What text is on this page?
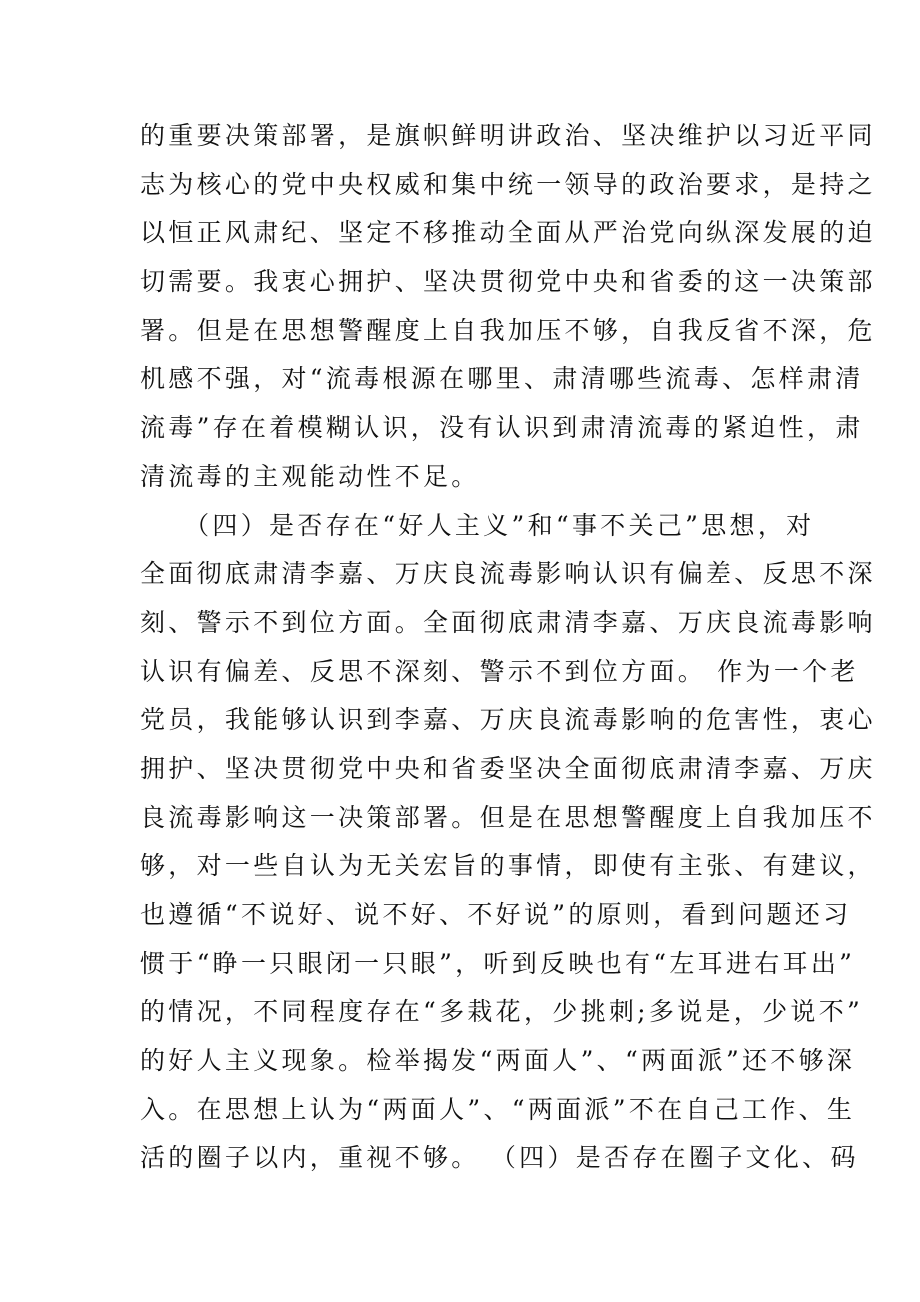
的重要决策部署，是旗帜鲜明讲政治、坚决维护以习近平同
志为核心的党中央权威和集中统一领导的政治要求，是持之
以恒正风肃纪、坚定不移推动全面从严治党向纵深发展的迫
切需要。我衷心拥护、坚决贯彻党中央和省委的这一决策部
署。但是在思想警醒度上自我加压不够，自我反省不深，危
机感不强，对“流毒根源在哪里、肃清哪些流毒、怎样肃清
流毒”存在着模糊认识，没有认识到肃清流毒的紧迫性，肃
清流毒的主观能动性不足。
　　（四）是否存在“好人主义”和“事不关己”思想，对
全面彻底肃清李嘉、万庆良流毒影响认识有偏差、反思不深
刻、警示不到位方面。全面彻底肃清李嘉、万庆良流毒影响
认识有偏差、反思不深刻、警示不到位方面。 作为一个老
党员，我能够认识到李嘉、万庆良流毒影响的危害性，衷心
拥护、坚决贯彻党中央和省委坚决全面彻底肃清李嘉、万庆
良流毒影响这一决策部署。但是在思想警醒度上自我加压不
够，对一些自认为无关宏旨的事情，即使有主张、有建议，
也遵循“不说好、说不好、不好说”的原则，看到问题还习
惯于“睁一只眼闭一只眼”，听到反映也有“左耳进右耳出”
的情况，不同程度存在“多栽花，少挑刺;多说是，少说不”
的好人主义现象。检举揭发“两面人”、“两面派”还不够深
入。在思想上认为“两面人”、“两面派”不在自己工作、生
活的圈子以内，重视不够。 （四）是否存在圈子文化、码
